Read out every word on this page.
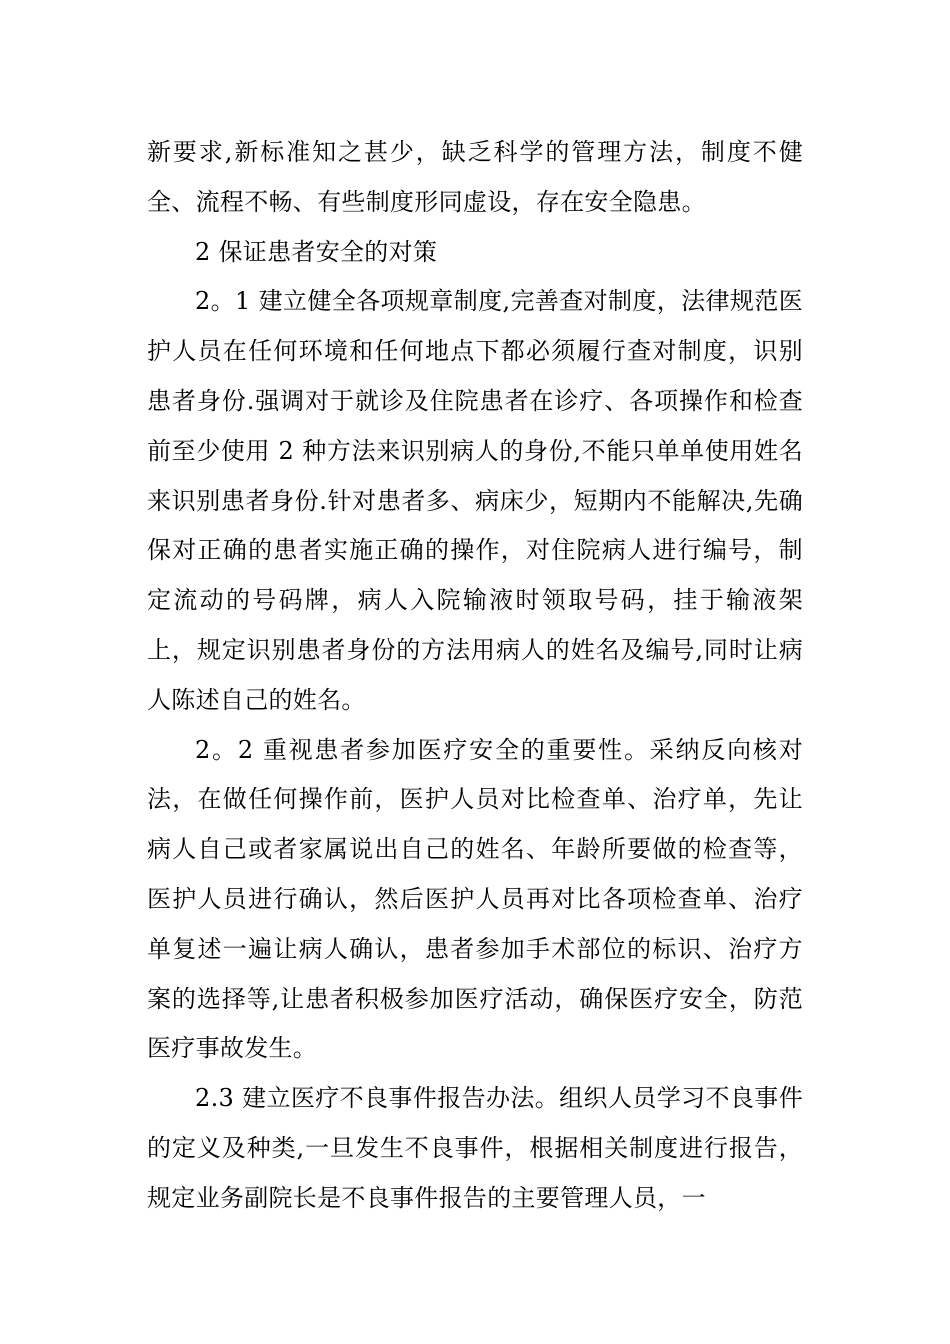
新要求,新标准知之甚少，缺乏科学的管理方法，制度不健全、流程不畅、有些制度形同虚设，存在安全隐患。

2 保证患者安全的对策

2。1 建立健全各项规章制度,完善查对制度，法律规范医护人员在任何环境和任何地点下都必须履行查对制度，识别患者身份.强调对于就诊及住院患者在诊疗、各项操作和检查前至少使用 2 种方法来识别病人的身份,不能只单单使用姓名来识别患者身份.针对患者多、病床少，短期内不能解决,先确保对正确的患者实施正确的操作，对住院病人进行编号，制定流动的号码牌，病人入院输液时领取号码，挂于输液架上，规定识别患者身份的方法用病人的姓名及编号,同时让病人陈述自己的姓名。

2。2 重视患者参加医疗安全的重要性。采纳反向核对法，在做任何操作前，医护人员对比检查单、治疗单，先让病人自己或者家属说出自己的姓名、年龄所要做的检查等，医护人员进行确认，然后医护人员再对比各项检查单、治疗单复述一遍让病人确认，患者参加手术部位的标识、治疗方案的选择等,让患者积极参加医疗活动，确保医疗安全，防范医疗事故发生。

2.3 建立医疗不良事件报告办法。组织人员学习不良事件的定义及种类,一旦发生不良事件，根据相关制度进行报告，规定业务副院长是不良事件报告的主要管理人员，一
